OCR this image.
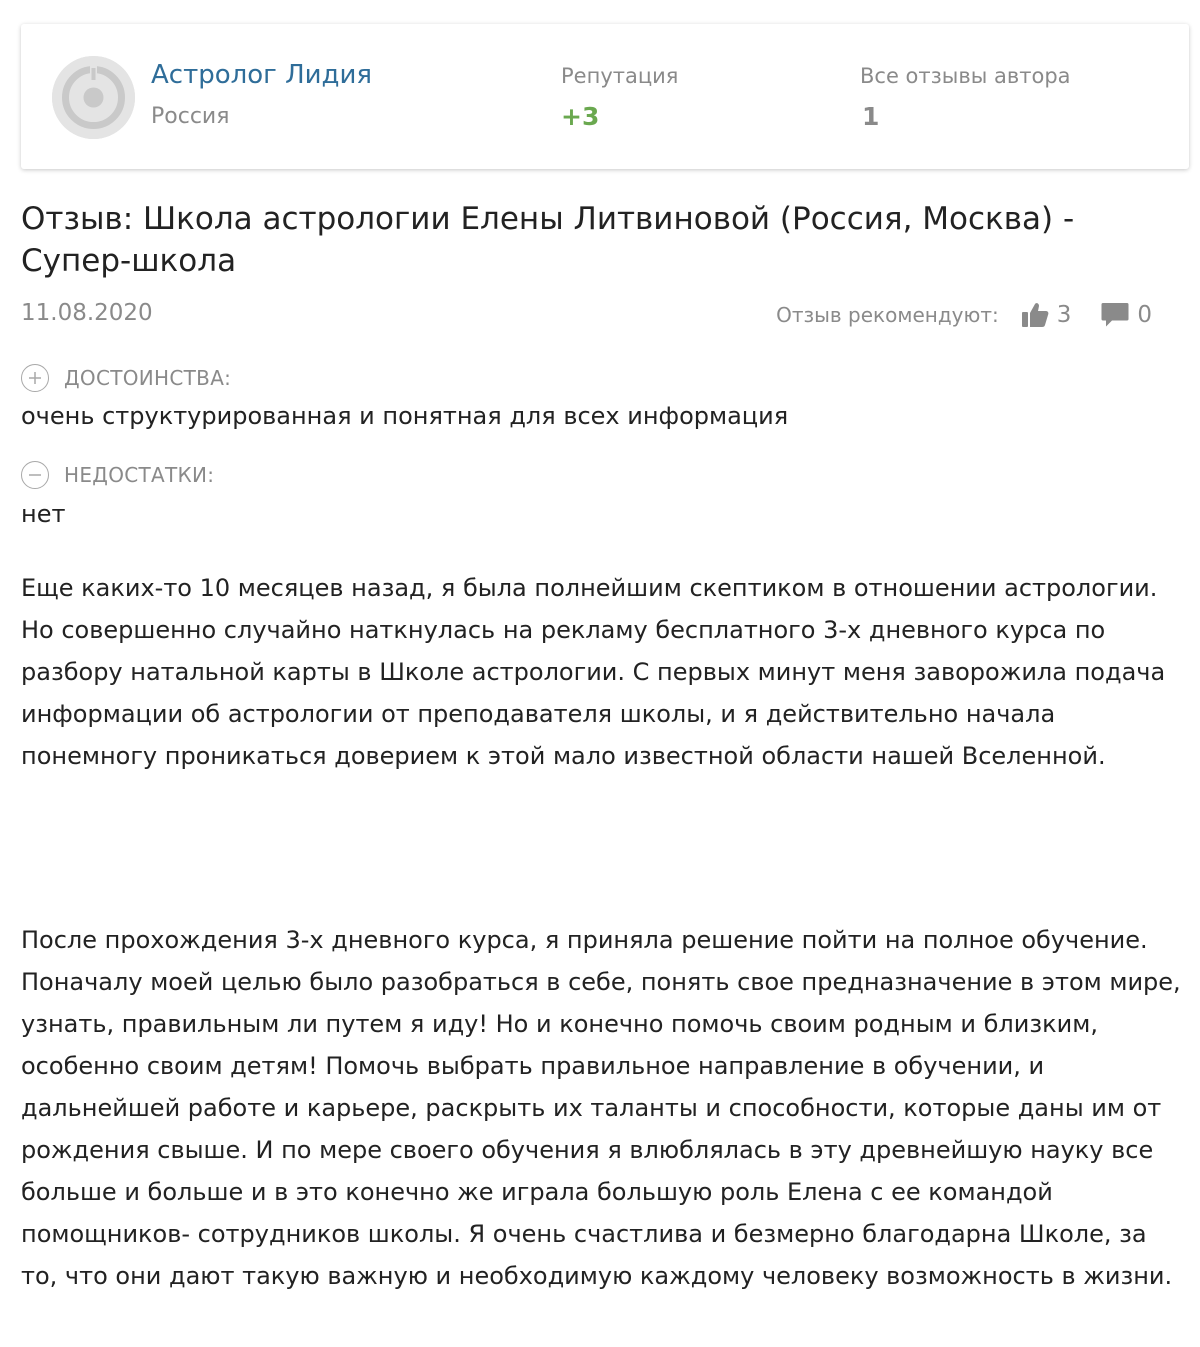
Астролог Лидия
Россия
Репутация
+3
Все отзывы автора
1
Отзыв: Школа астрологии Елены Литвиновой (Россия, Москва) - Супер-школа
11.08.2020	Отзыв рекомендуют:	3	0
ДОСТОИНСТВА:
очень структурированная и понятная для всех информация
НЕДОСТАТКИ:
нет

Еще каких-то 10 месяцев назад, я была полнейшим скептиком в отношении астрологии. Но совершенно случайно наткнулась на рекламу бесплатного 3-х дневного курса по разбору натальной карты в Школе астрологии. С первых минут меня заворожила подача информации об астрологии от преподавателя школы, и я действительно начала понемногу проникаться доверием к этой мало известной области нашей Вселенной.

После прохождения 3-х дневного курса, я приняла решение пойти на полное обучение. Поначалу моей целью было разобраться в себе, понять свое предназначение в этом мире, узнать, правильным ли путем я иду! Но и конечно помочь своим родным и близким, особенно своим детям! Помочь выбрать правильное направление в обучении, и дальнейшей работе и карьере, раскрыть их таланты и способности, которые даны им от рождения свыше. И по мере своего обучения я влюблялась в эту древнейшую науку все больше и больше и в это конечно же играла большую роль Елена с ее командой помощников- сотрудников школы. Я очень счастлива и безмерно благодарна Школе, за то, что они дают такую важную и необходимую каждому человеку возможность в жизни.
